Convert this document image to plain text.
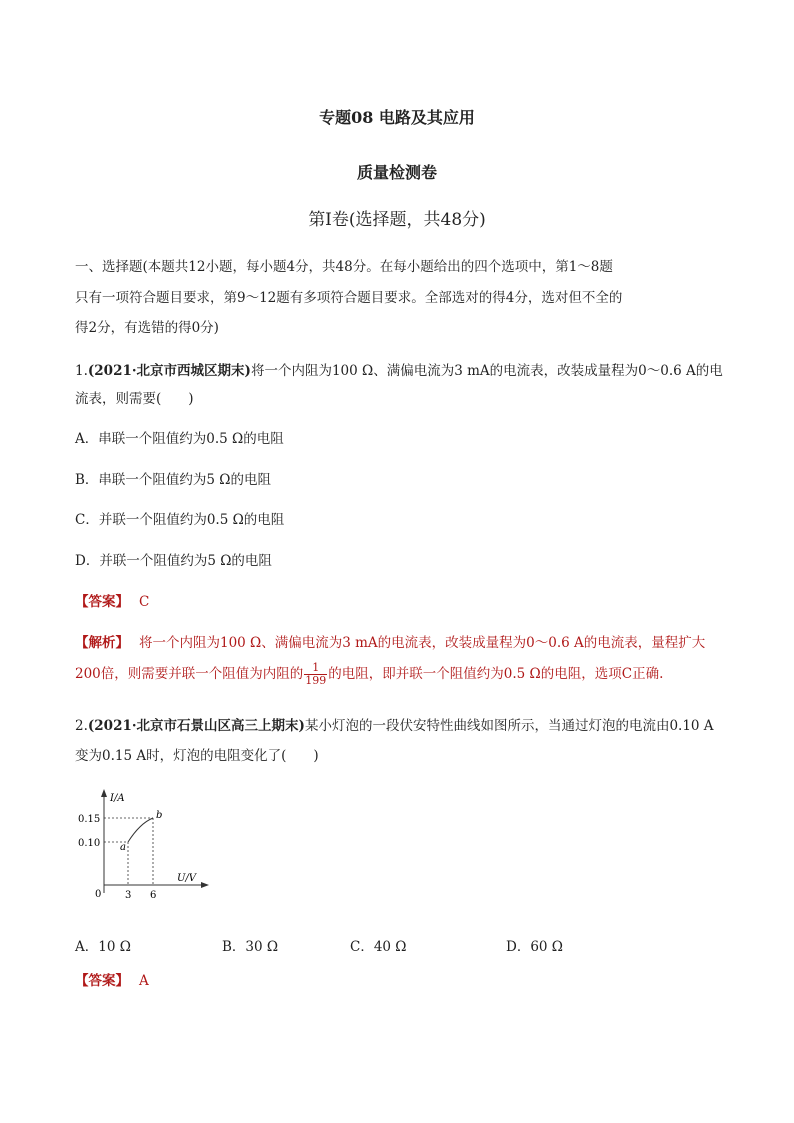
专题08 电路及其应用
质量检测卷
第Ⅰ卷(选择题，共48分)
一、选择题(本题共12小题，每小题4分，共48分。在每小题给出的四个选项中，第1～8题
只有一项符合题目要求，第9～12题有多项符合题目要求。全部选对的得4分，选对但不全的
得2分，有选错的得0分)
1.(2021·北京市西城区期末)将一个内阻为100 Ω、满偏电流为3 mA的电流表，改装成量程为0～0.6 A的电
流表，则需要(　　)
A．串联一个阻值约为0.5 Ω的电阻
B．串联一个阻值约为5 Ω的电阻
C．并联一个阻值约为0.5 Ω的电阻
D．并联一个阻值约为5 Ω的电阻
【答案】 C
【解析】 将一个内阻为100 Ω、满偏电流为3 mA的电流表，改装成量程为0～0.6 A的电流表，量程扩大
200倍，则需要并联一个阻值为内阻的 $\frac{1}{199}$ 的电阻，即并联一个阻值约为0.5 Ω的电阻，选项C正确.
2.(2021·北京市石景山区高三上期末)某小灯泡的一段伏安特性曲线如图所示，当通过灯泡的电流由0.10 A
变为0.15 A时，灯泡的电阻变化了(　　)
I/A
U/V
0.15
0.10
0 3 6
a
b
A．10 Ω	B．30 Ω	C．40 Ω	D．60 Ω
【答案】 A
